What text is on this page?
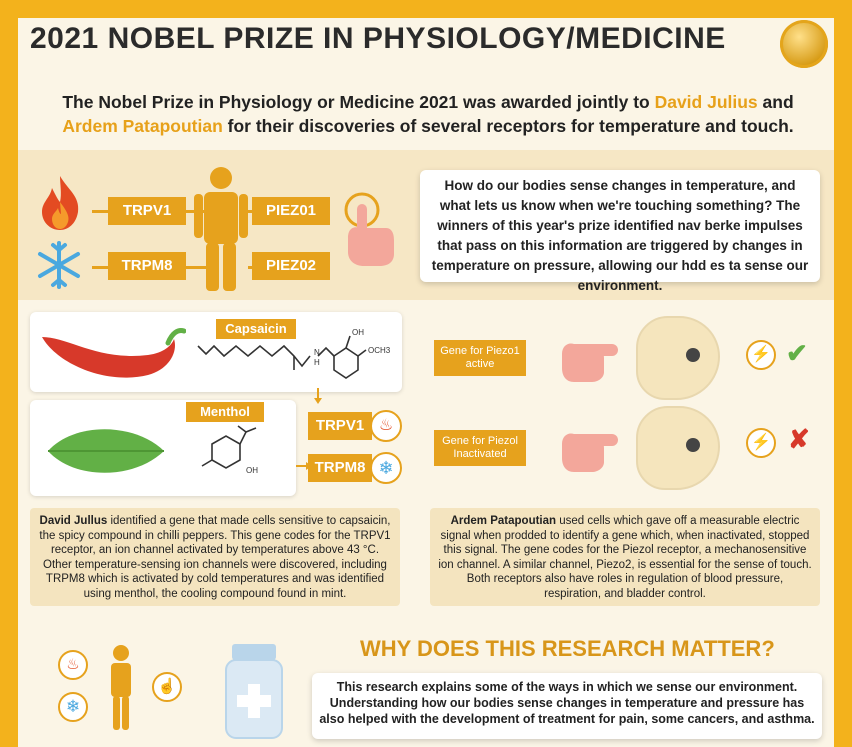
2021 NOBEL PRIZE IN PHYSIOLOGY/MEDICINE
The Nobel Prize in Physiology or Medicine 2021 was awarded jointly to David Julius and
Ardem Patapoutian for their discoveries of several receptors for temperature and touch.
TRPV1
TRPM8
PIEZ01
PIEZ02
How do our bodies sense changes in temperature, and what lets us know when we're touching something? The winners of this year's prize identified nav berke impulses that pass on this information are triggered by changes in temperature on pressure, allowing our hdd es ta sense our environment.
Capsaicin	OH
OCH3
N
H
Menthol
OH
TRPV1 ♨
TRPM8 ❄
David Jullus identified a gene that made cells sensitive to capsaicin, the spicy compound in chilli peppers. This gene codes for the TRPV1 receptor, an ion channel activated by temperatures above 43 °C. Other temperature-sensing ion channels were discovered, including TRPM8 which is activated by cold temperatures and was identified using menthol, the cooling compound found in mint.
Gene for Piezo1 active
⚡ ✔
Gene for Piezol Inactivated
⚡ ✘
Ardem Patapoutian used cells which gave off a measurable electric signal when prodded to identify a gene which, when inactivated, stopped this signal. The gene codes for the Piezol receptor, a mechanosensitive ion channel. A similar channel, Piezo2, is essential for the sense of touch. Both receptors also have roles in regulation of blood pressure, respiration, and bladder control.
WHY DOES THIS RESEARCH MATTER?
♨
❄
☝	This research explains some of the ways in which we sense our environment. Understanding how our bodies sense changes in temperature and pressure has also helped with the development of treatment for pain, some cancers, and asthma.
